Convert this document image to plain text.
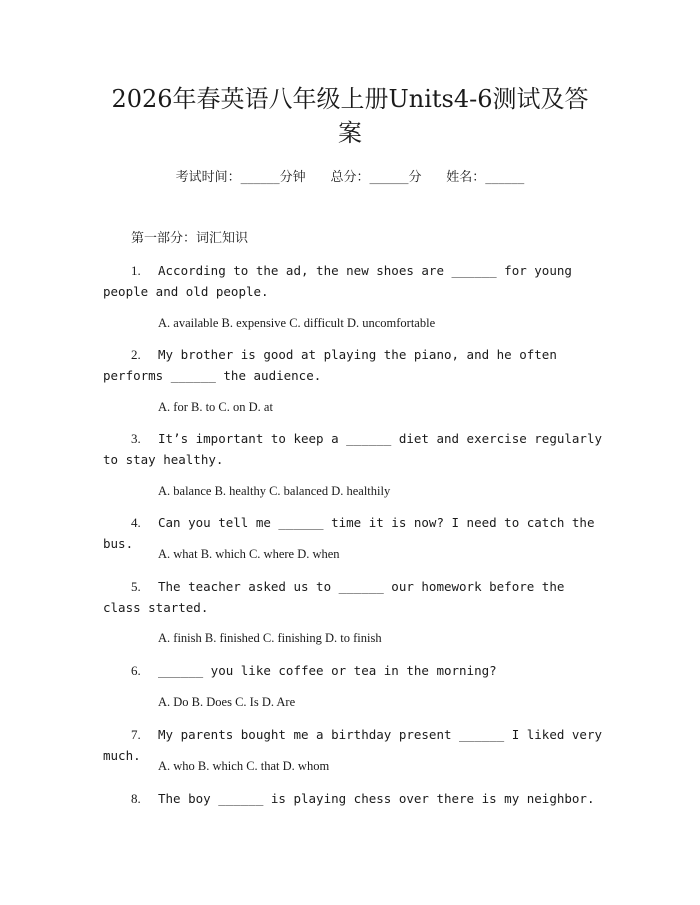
2026年春英语八年级上册Units4-6测试及答案
考试时间：______分钟 总分：______分 姓名：______
第一部分：词汇知识
1. According to the ad, the new shoes are ______ for young people and old people.
A. available B. expensive C. difficult D. uncomfortable
2. My brother is good at playing the piano, and he often performs ______ the audience.
A. for B. to C. on D. at
3. It’s important to keep a ______ diet and exercise regularly to stay healthy.
A. balance B. healthy C. balanced D. healthily
4. Can you tell me ______ time it is now? I need to catch the bus.
A. what B. which C. where D. when
5. The teacher asked us to ______ our homework before the class started.
A. finish B. finished C. finishing D. to finish
6. ______ you like coffee or tea in the morning?
A. Do B. Does C. Is D. Are
7. My parents bought me a birthday present ______ I liked very much.
A. who B. which C. that D. whom
8. The boy ______ is playing chess over there is my neighbor.
